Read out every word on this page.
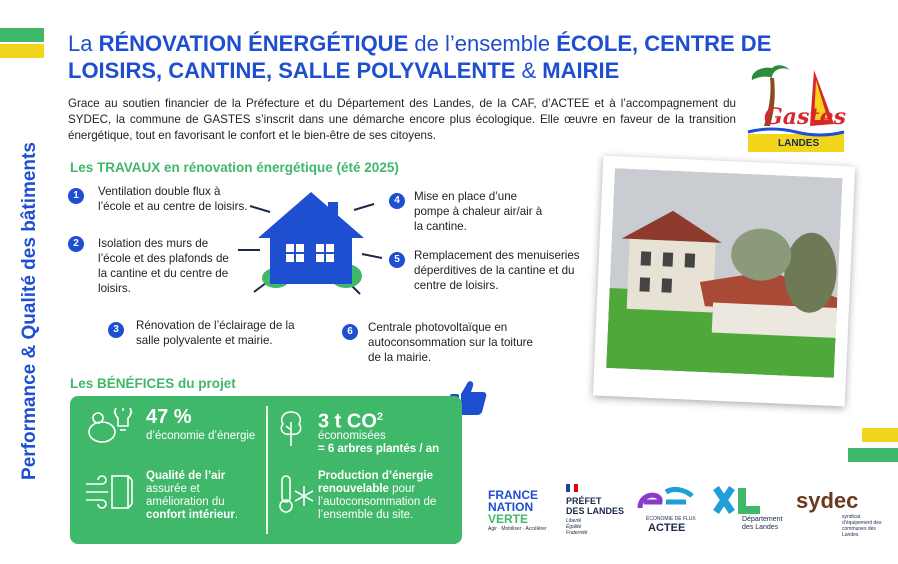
Performance & Qualité des bâtiments
La RÉNOVATION ÉNERGÉTIQUE de l’ensemble ÉCOLE, CENTRE DE LOISIRS, CANTINE, SALLE POLYVALENTE & MAIRIE
Gastes
LANDES
Grace au soutien financier de la Préfecture et du Département des Landes, de la CAF, d’ACTEE et à l’accompagnement du SYDEC, la commune de GASTES s’inscrit dans une démarche encore plus écologique. Elle œuvre en faveur de la transition énergétique, tout en favorisant le confort et le bien-être de ses citoyens.
Les TRAVAUX en rénovation énergétique (été 2025)
1	Ventilation double flux à l’école et au centre de loisirs.
2	Isolation des murs de l’école et des plafonds de la cantine et du centre de loisirs.
3	Rénovation de l’éclairage de la salle polyvalente et mairie.
4	Mise en place d’une pompe à chaleur air/air à la cantine.
5	Remplacement des menuiseries déperditives de la cantine et du centre de loisirs.
6	Centrale photovoltaïque en autoconsommation sur la toiture de la mairie.
Les BÉNÉFICES du projet
47 %
d’économie d’énergie
3 t $CO^2$
économisées
= 6 arbres plantés / an
Qualité de l’air assurée et amélioration du confort intérieur.
Production d’énergie renouvelable pour l’autoconsommation de l’ensemble du site.
FRANCE
NATION
VERTE
Agir · Mobiliser · Accélérer
PRÉFET
DES LANDES
Liberté Égalité Fraternité
ÉCONOMIE DE FLUX
ACTEE
Département des Landes
sydec
syndicat d’équipement des communes des Landes
